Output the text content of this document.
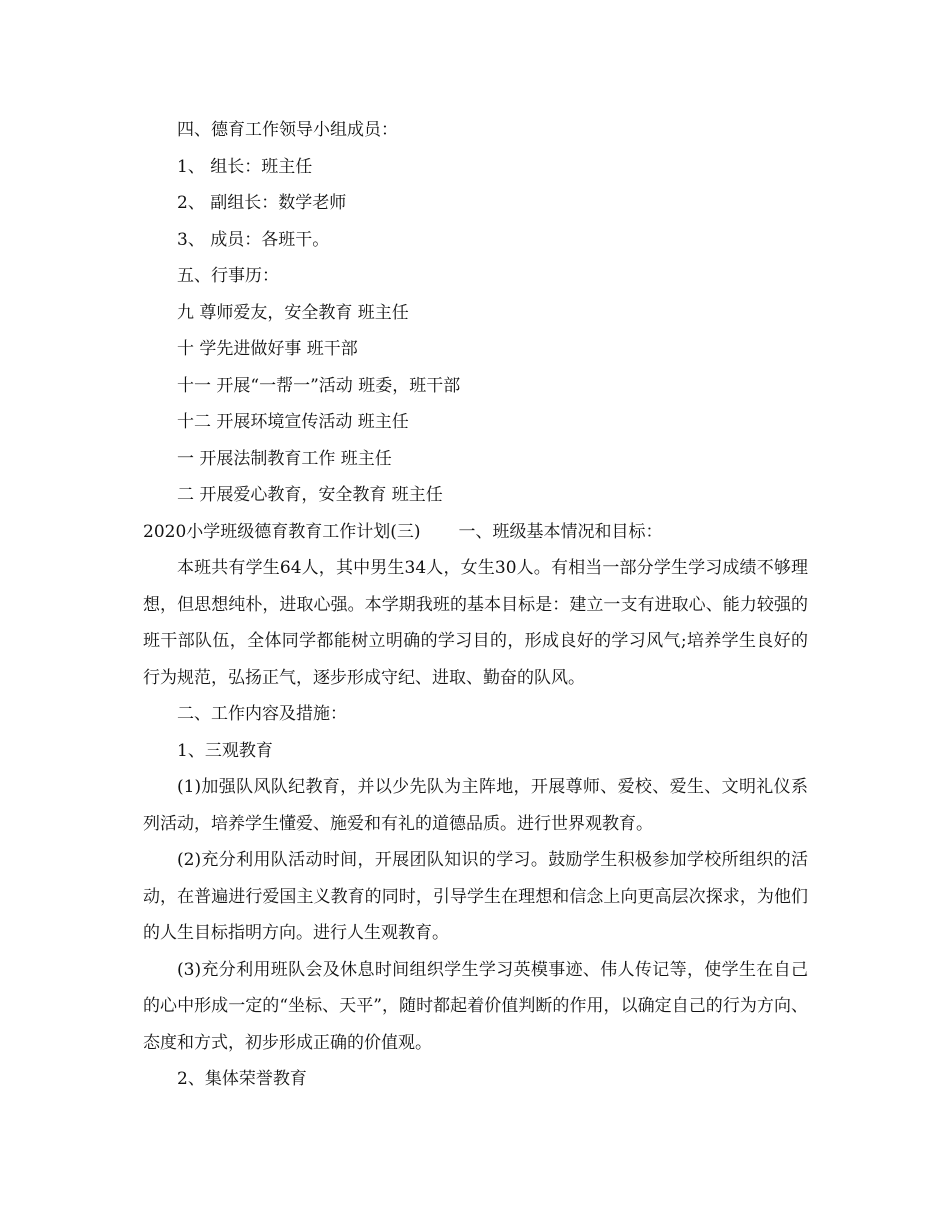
四、德育工作领导小组成员：
1、 组长：班主任
2、 副组长：数学老师
3、 成员：各班干。
五、行事历：
九 尊师爱友，安全教育 班主任
十 学先进做好事 班干部
十一 开展“一帮一”活动 班委，班干部
十二 开展环境宣传活动 班主任
一 开展法制教育工作 班主任
二 开展爱心教育，安全教育 班主任
2020小学班级德育教育工作计划(三) 一、班级基本情况和目标：

本班共有学生64人，其中男生34人，女生30人。有相当一部分学生学习成绩不够理想，但思想纯朴，进取心强。本学期我班的基本目标是：建立一支有进取心、能力较强的班干部队伍，全体同学都能树立明确的学习目的，形成良好的学习风气;培养学生良好的行为规范，弘扬正气，逐步形成守纪、进取、勤奋的队风。

二、工作内容及措施：
1、三观教育

(1)加强队风队纪教育，并以少先队为主阵地，开展尊师、爱校、爱生、文明礼仪系列活动，培养学生懂爱、施爱和有礼的道德品质。进行世界观教育。

(2)充分利用队活动时间，开展团队知识的学习。鼓励学生积极参加学校所组织的活动，在普遍进行爱国主义教育的同时，引导学生在理想和信念上向更高层次探求，为他们的人生目标指明方向。进行人生观教育。

(3)充分利用班队会及休息时间组织学生学习英模事迹、伟人传记等，使学生在自己的心中形成一定的“坐标、天平”，随时都起着价值判断的作用，以确定自己的行为方向、态度和方式，初步形成正确的价值观。

2、集体荣誉教育
